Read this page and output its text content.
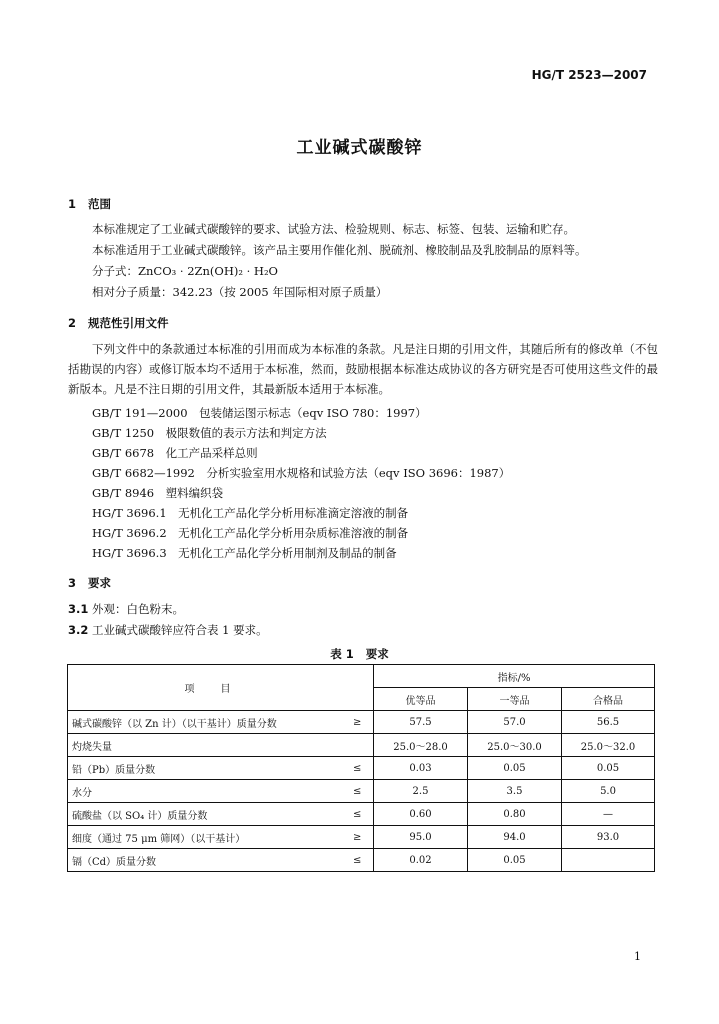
HG/T 2523—2007
工业碱式碳酸锌
1 范围
本标准规定了工业碱式碳酸锌的要求、试验方法、检验规则、标志、标签、包装、运输和贮存。
本标准适用于工业碱式碳酸锌。该产品主要用作催化剂、脱硫剂、橡胶制品及乳胶制品的原料等。
分子式：ZnCO₃ · 2Zn(OH)₂ · H₂O
相对分子质量：342.23（按 2005 年国际相对原子质量）
2 规范性引用文件
下列文件中的条款通过本标准的引用而成为本标准的条款。凡是注日期的引用文件，其随后所有的修改单（不包括勘误的内容）或修订版本均不适用于本标准，然而，鼓励根据本标准达成协议的各方研究是否可使用这些文件的最新版本。凡是不注日期的引用文件，其最新版本适用于本标准。
GB/T 191—2000　包装储运图示标志（eqv ISO 780：1997）
GB/T 1250　极限数值的表示方法和判定方法
GB/T 6678　化工产品采样总则
GB/T 6682—1992　分析实验室用水规格和试验方法（eqv ISO 3696：1987）
GB/T 8946　塑料编织袋
HG/T 3696.1　无机化工产品化学分析用标准滴定溶液的制备
HG/T 3696.2　无机化工产品化学分析用杂质标准溶液的制备
HG/T 3696.3　无机化工产品化学分析用制剂及制品的制备
3 要求
3.1 外观：白色粉末。
3.2 工业碱式碳酸锌应符合表 1 要求。
表 1 要求
项目		指标/%		
		优等品	一等品	合格品
碱式碳酸锌（以 Zn 计）（以干基计）质量分数	≥	57.5	57.0	56.5
灼烧失量		25.0～28.0	25.0～30.0	25.0～32.0
铅（Pb）质量分数	≤	0.03	0.05	0.05
水分	≤	2.5	3.5	5.0
硫酸盐（以 SO₄ 计）质量分数	≤	0.60	0.80	—
细度（通过 75 μm 筛网）（以干基计）	≥	95.0	94.0	93.0
镉（Cd）质量分数	≤	0.02	0.05	
1
